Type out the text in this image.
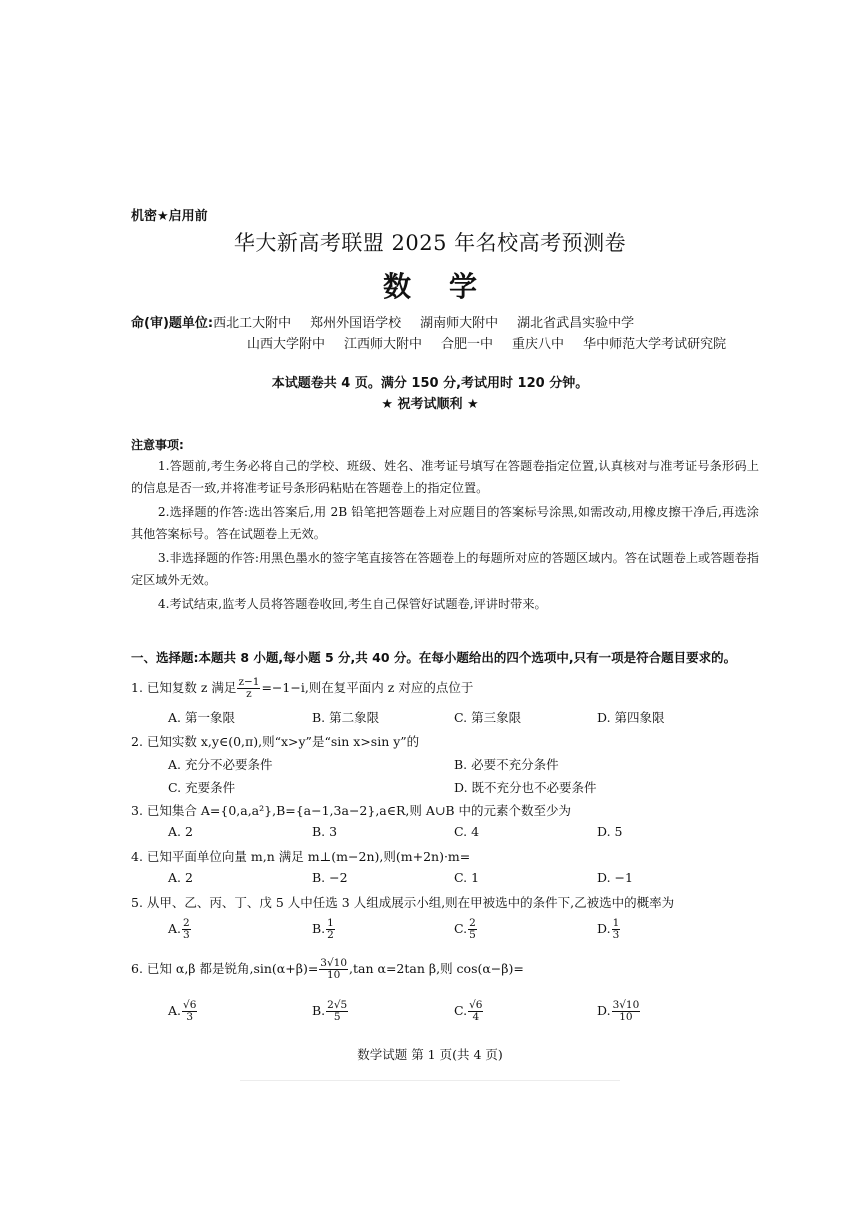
机密★启用前
华大新高考联盟 2025 年名校高考预测卷
数学
命(审)题单位:西北工大附中 郑州外国语学校 湖南师大附中 湖北省武昌实验中学
山西大学附中 江西师大附中 合肥一中 重庆八中 华中师范大学考试研究院
本试题卷共 4 页。满分 150 分,考试用时 120 分钟。
★ 祝考试顺利 ★
注意事项:

1.答题前,考生务必将自己的学校、班级、姓名、准考证号填写在答题卷指定位置,认真核对与准考证号条形码上的信息是否一致,并将准考证号条形码粘贴在答题卷上的指定位置。

2.选择题的作答:选出答案后,用 2B 铅笔把答题卷上对应题目的答案标号涂黑,如需改动,用橡皮擦干净后,再选涂其他答案标号。答在试题卷上无效。

3.非选择题的作答:用黑色墨水的签字笔直接答在答题卷上的每题所对应的答题区域内。答在试题卷上或答题卷指定区域外无效。

4.考试结束,监考人员将答题卷收回,考生自己保管好试题卷,评讲时带来。

一、选择题:本题共 8 小题,每小题 5 分,共 40 分。在每小题给出的四个选项中,只有一项是符合题目要求的。
1. 已知复数 z 满足 $\frac{z-1}{z} =-1-i$,则在复平面内 z 对应的点位于
A. 第一象限	B. 第二象限	C. 第三象限	D. 第四象限
2. 已知实数 x,y∈(0,π),则“x>y”是“sin x>sin y”的
A. 充分不必要条件	B. 必要不充分条件
C. 充要条件	D. 既不充分也不必要条件
3. 已知集合 A={0,a,a²},B={a−1,3a−2},a∈R,则 A∪B 中的元素个数至少为
A. 2	B. 3	C. 4	D. 5
4. 已知平面单位向量 m,n 满足 m⊥(m−2n),则(m+2n)·m=
A. 2	B. −2	C. 1	D. −1
5. 从甲、乙、丙、丁、戊 5 人中任选 3 人组成展示小组,则在甲被选中的条件下,乙被选中的概率为
A. $\frac{2}{3}$	B. $\frac{1}{2}$	C. $\frac{2}{5}$	D. $\frac{1}{3}$
6. 已知 α,β 都是锐角$,\sin(\alpha+\beta)= \frac{3√10}{10} ,\tan$ α=2tan β,则 cos(α−β)=
A. $\frac{√6}{3}$	B. $\frac{2√5}{5}$	C. $\frac{√6}{4}$	D. $\frac{3√10}{10}$
数学试题 第 1 页(共 4 页)
